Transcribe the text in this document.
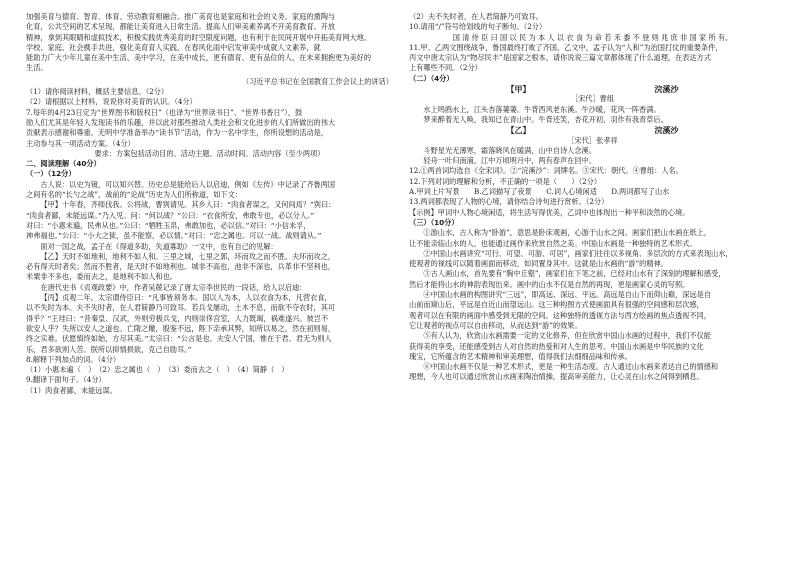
加强美育与德育、智育、体育、劳动教育相融合。推广美育也是家庭和社会的义务。家庭的熏陶与

化育，公共空间的艺术呈现，都能让美育进入日常生活。提高人们审美素养离不开美育教育。开放

精神，拿到其眼睛和虚拟技术，积极实践优秀美育的时空限度问题，也有利于在民间开展中开拓美育网大地。

学校、家庭、社会携手共进，强化美育育人实践，在春风化雨中启发审美中成就人文素养，就

能助力广大少年儿童在美中生活、美中学习，在美中成长，更有德育、更有品位的人，在未来拥抱更为美好的

生活。

（习近平总书记在全国教育工作会议上的讲话）

（1）请你阅读材料，概括主要信息。（2分）

（2）请根据以上材料，说说你对美育的认识。（4分）

7.每年的4月23日定为“世界图书和版权日”（也译为“世界读书日”、“世界书香日”），鼓

励人们尤其是年轻人发现读书的乐趣，并以此对那些推动人类社会和文化进步的人们所做出的伟大

贡献表示感谢和尊重。无明中学准备举办“读书节”活动，作为一名中学生，你所设想的活动是，

主动参与其一项活动方案。（4分）

要求：方案包括活动目的、活动主题、活动时间、活动内容（至少两项）

二、阅读理解（40分）

（一）（12分）

古人说：以史为镜，可以知兴替。历史总是能给后人以启迪，例如《左传》中记录了齐鲁两国

之间有名的“长勺之战”，战前的“论战”历史为人们所称道，如下文：

【甲】十年春，齐师伐我。公将战，曹刿请见。其乡人曰：“肉食者谋之，又何间焉？”刿曰：

“肉食者鄙，未能远谋。”乃入见。问：“何以战？”公曰：“衣食所安，弗敢专也，必以分人。”

对曰：“小惠未遍，民弗从也。”公曰：“牺牲玉帛，弗敢加也，必以信。”对曰：“小信未孚，

神弗福也。”公曰：“小大之狱，虽不能察，必以情。”对曰：“忠之属也。可以一战。战则请从。”

面对一国之战，孟子在《得道多助，失道寡助》一文中，也有自己的见解：

【乙】天时不如地利，地利不如人和。三里之城，七里之郭，环而攻之而不胜。夫环而攻之，

必有得天时者矣；然而不胜者，是天时不如地利也。城非不高也，池非不深也，兵革非不坚利也，

米粟非不多也，委而去之，是地利不如人和也。

在唐代史书《贞观政要》中，作者吴兢记录了唐太宗李世民的一段话，给人以启迪：

【丙】贞观二年，太宗谓侍臣曰：“凡事皆须务本。国以人为本，人以衣食为本，凡营衣食，

以不失时为本。夫不失时者，在人君简静乃可致耳。若兵戈屡动，土木不息，而欲不夺农时，其可

得乎？”王珪曰：“昔秦皇、汉武，外则穷极兵戈，内则崇侈宫室，人力既竭，祸难遂兴。彼岂不

欲安人乎？失所以安人之道也。亡隋之辙，殷鉴不远，陛下亲承其弊，知所以易之，然在初则易，

终之实难。伏愿慎终如始，方尽其美。”太宗曰：“公言是也。夫安人宁国，惟在于君。君无为则人

乐，君多欲则人苦。朕所以抑情损欲，克己自励耳。”

8.解释下列加点的词。（4分）

（1）小惠未遍（　）　（2）忠之属也（　）　（3）委而去之（　）　（4）简静（　）

9.翻译下面句子。（4分）

（1）肉食者鄙，未能远谋。

（2）夫不失时者，在人君简静乃可致耳。

10.请用“/”符号给划线的句子断句。（2分）

国 清 侍 臣 曰 国 以 民 为 本 人 以 衣 食 为 命 若 禾 黍 不 登 则 兆 庶 非 国 家 所 有。

11.甲、乙两文围绕战争，鲁国最终打败了齐国，乙文中，孟子认为“人和”为治国打仗的重要条件，

丙文中唐太宗认为“物尽民丰”是国家之根本，请你说说三篇文章都体现了什么道理，在表达方式

上有哪些不同。（2分）

（二）（4分）

【甲】　　　　　　　　　　　　　　　　浣溪沙

［宋代］曹组

水上鸣鸥水上，江头杏落萋萋。牛背西风老东溪。牛沙暖，花风一阵香满。

梦来醉着无人唤，我知已在青山中。牛背还笑，杏花开初，羽作有我青草后。

【乙】　　　　　　　　　　　　　　　　浣溪沙

［宋代］张孝祥

斗野星光无薄寒，霜落晓风在暖满，山中自诗人念溪。

轻舟一叶归南浦，江中万顷明月中，两有春声在回中。

12.①两首词均选自《全宋词》。②“浣溪沙”：词牌名。③宋代：朝代。④曹组：人名。

12.下列对词的理解和分析，不正确的一项是（　　）（2分）

A.甲词上片写景　　B.乙词描写了夜景　　C.词人心境闲适　　D.两词都写了山水

13.两词都表现了人物的心境，请你结合诗句进行赏析。（2分）

【示例】甲词中人物心境闲适，将生活写得优美，乙词中也体现出一种平和淡然的心境。

（三）（10分）

①游山水，古人称为“卧游”，意思是卧床观画，心游于山水之间。画家们把山水画在纸上，

让不能亲临山水的人，也能通过画作来欣赏自然之美。中国山水画是一种独特的艺术形式。

②中国山水画讲究“可行、可望、可游、可居”，画家们往往以多视角、多层次的方式来表现山水，

使观者的视线可以随着画面而移动，如同置身其中。这就是山水画的“游”的精神。

③古人画山水，首先要有“胸中丘壑”，画家们在下笔之前，已经对山水有了深刻的理解和感受，

然后才能将山水的神韵表现出来。画中的山水不仅是自然的再现，更是画家心灵的写照。

④中国山水画的构图讲究“三远”，即高远、深远、平远。高远是自山下而仰山巅，深远是自

山前而窥山后，平远是自近山而望远山。这三种构图方式使画面具有很强的空间感和层次感，

观者可以在有限的画面中感受到无限的空间。这种独特的透视方法与西方绘画的焦点透视不同，

它让观者的视点可以自由移动，从而达到“游”的效果。

⑤有人认为，欣赏山水画需要一定的文化修养，但在欣赏中国山水画的过程中，我们不仅能

获得美的享受，还能感受到古人对自然的热爱和对人生的思考。中国山水画是中华民族的文化

瑰宝，它所蕴含的艺术精神和审美理想，值得我们去细细品味和传承。

⑥中国山水画不仅是一种艺术形式，更是一种生活态度。古人通过山水画来表达自己的情感和

理想，今人也可以通过欣赏山水画来陶冶情操，提高审美能力，让心灵在山水之间得到栖息。
